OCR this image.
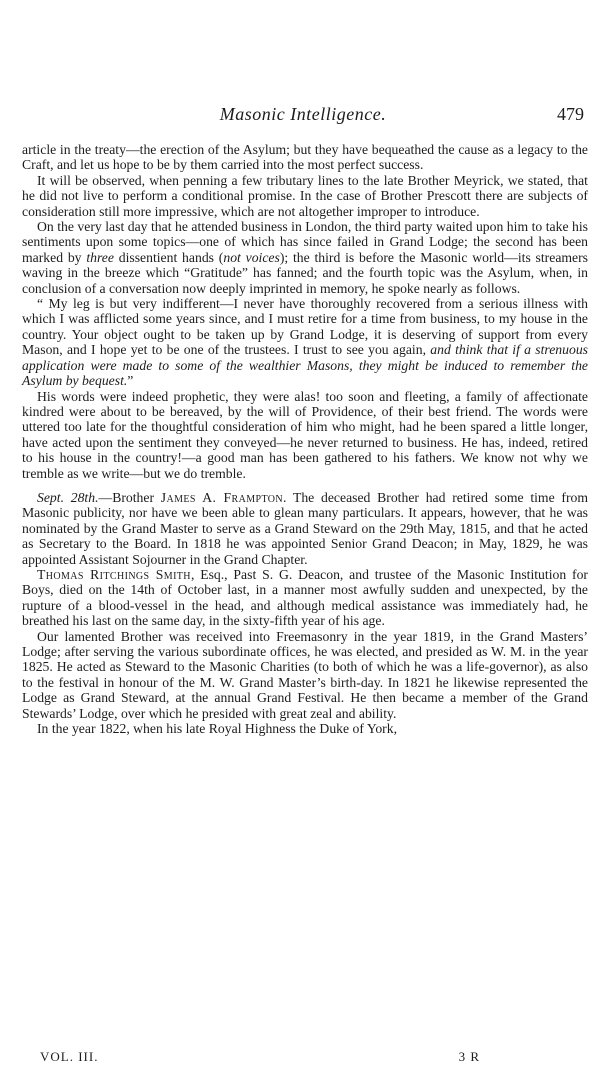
Masonic Intelligence.	479

article in the treaty—the erection of the Asylum; but they have bequeathed the cause as a legacy to the Craft, and let us hope to be by them carried into the most perfect success.

It will be observed, when penning a few tributary lines to the late Brother Meyrick, we stated, that he did not live to perform a conditional promise. In the case of Brother Prescott there are subjects of consideration still more impressive, which are not altogether improper to introduce.

On the very last day that he attended business in London, the third party waited upon him to take his sentiments upon some topics—one of which has since failed in Grand Lodge; the second has been marked by three dissentient hands (not voices); the third is before the Masonic world—its streamers waving in the breeze which “Gratitude” has fanned; and the fourth topic was the Asylum, when, in conclusion of a conversation now deeply imprinted in memory, he spoke nearly as follows.

“ My leg is but very indifferent—I never have thoroughly recovered from a serious illness with which I was afflicted some years since, and I must retire for a time from business, to my house in the country. Your object ought to be taken up by Grand Lodge, it is deserving of support from every Mason, and I hope yet to be one of the trustees. I trust to see you again, and think that if a strenuous application were made to some of the wealthier Masons, they might be induced to remember the Asylum by bequest.”

His words were indeed prophetic, they were alas! too soon and fleeting, a family of affectionate kindred were about to be bereaved, by the will of Providence, of their best friend. The words were uttered too late for the thoughtful consideration of him who might, had he been spared a little longer, have acted upon the sentiment they conveyed—he never returned to business. He has, indeed, retired to his house in the country!—a good man has been gathered to his fathers. We know not why we tremble as we write—but we do tremble.

Sept. 28th.—Brother James A. Frampton. The deceased Brother had retired some time from Masonic publicity, nor have we been able to glean many particulars. It appears, however, that he was nominated by the Grand Master to serve as a Grand Steward on the 29th May, 1815, and that he acted as Secretary to the Board. In 1818 he was appointed Senior Grand Deacon; in May, 1829, he was appointed Assistant Sojourner in the Grand Chapter.

Thomas Ritchings Smith, Esq., Past S. G. Deacon, and trustee of the Masonic Institution for Boys, died on the 14th of October last, in a manner most awfully sudden and unexpected, by the rupture of a blood-vessel in the head, and although medical assistance was immediately had, he breathed his last on the same day, in the sixty-fifth year of his age.

Our lamented Brother was received into Freemasonry in the year 1819, in the Grand Masters’ Lodge; after serving the various subordinate offices, he was elected, and presided as W. M. in the year 1825. He acted as Steward to the Masonic Charities (to both of which he was a life-governor), as also to the festival in honour of the M. W. Grand Master’s birth-day. In 1821 he likewise represented the Lodge as Grand Steward, at the annual Grand Festival. He then became a member of the Grand Stewards’ Lodge, over which he presided with great zeal and ability.

In the year 1822, when his late Royal Highness the Duke of York,

VOL. III.	3 R
